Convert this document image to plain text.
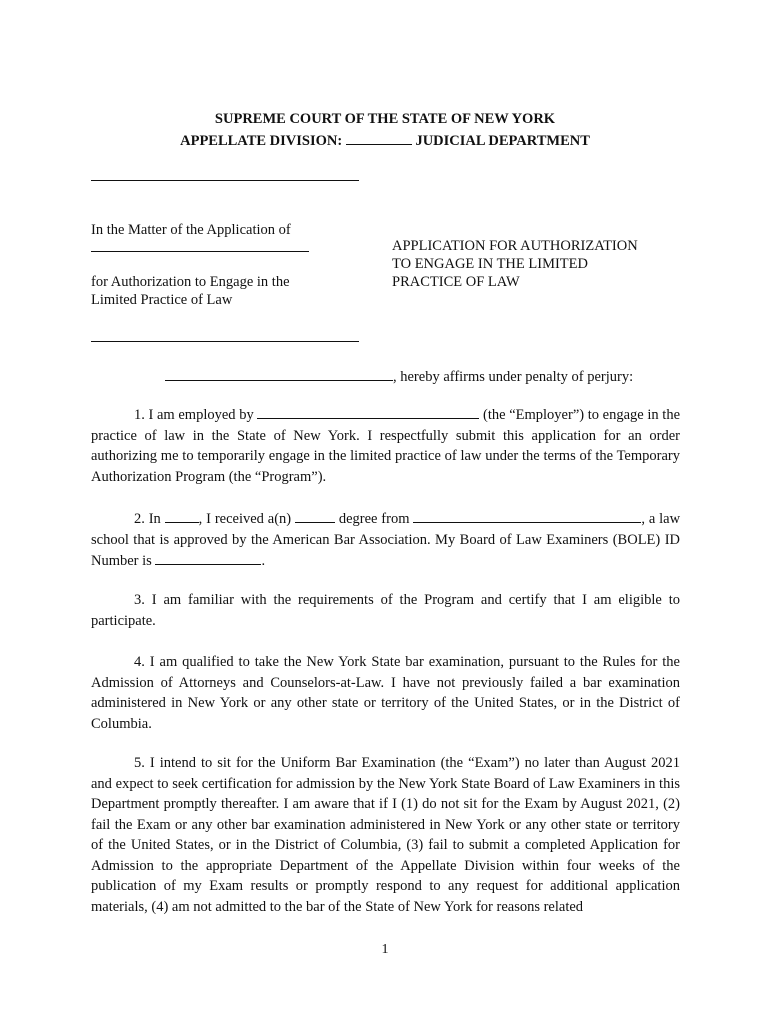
SUPREME COURT OF THE STATE OF NEW YORK
APPELLATE DIVISION:	JUDICIAL DEPARTMENT
In the Matter of the Application of
for Authorization to Engage in the
Limited Practice of Law
APPLICATION FOR AUTHORIZATION
TO ENGAGE IN THE LIMITED
PRACTICE OF LAW
, hereby affirms under penalty of perjury:
1. I am employed by	(the “Employer”) to engage in the practice of law in the State of New York. I respectfully submit this application for an order authorizing me to temporarily engage in the limited practice of law under the terms of the Temporary Authorization Program (the “Program”).
2. In	, I received a(n)	degree from	, a law school that is approved by the American Bar Association. My Board of Law Examiners (BOLE) ID Number is	.
3. I am familiar with the requirements of the Program and certify that I am eligible to participate.
4. I am qualified to take the New York State bar examination, pursuant to the Rules for the Admission of Attorneys and Counselors-at-Law. I have not previously failed a bar examination administered in New York or any other state or territory of the United States, or in the District of Columbia.
5. I intend to sit for the Uniform Bar Examination (the “Exam”) no later than August 2021 and expect to seek certification for admission by the New York State Board of Law Examiners in this Department promptly thereafter. I am aware that if I (1) do not sit for the Exam by August 2021, (2) fail the Exam or any other bar examination administered in New York or any other state or territory of the United States, or in the District of Columbia, (3) fail to submit a completed Application for Admission to the appropriate Department of the Appellate Division within four weeks of the publication of my Exam results or promptly respond to any request for additional application materials, (4) am not admitted to the bar of the State of New York for reasons related
1
